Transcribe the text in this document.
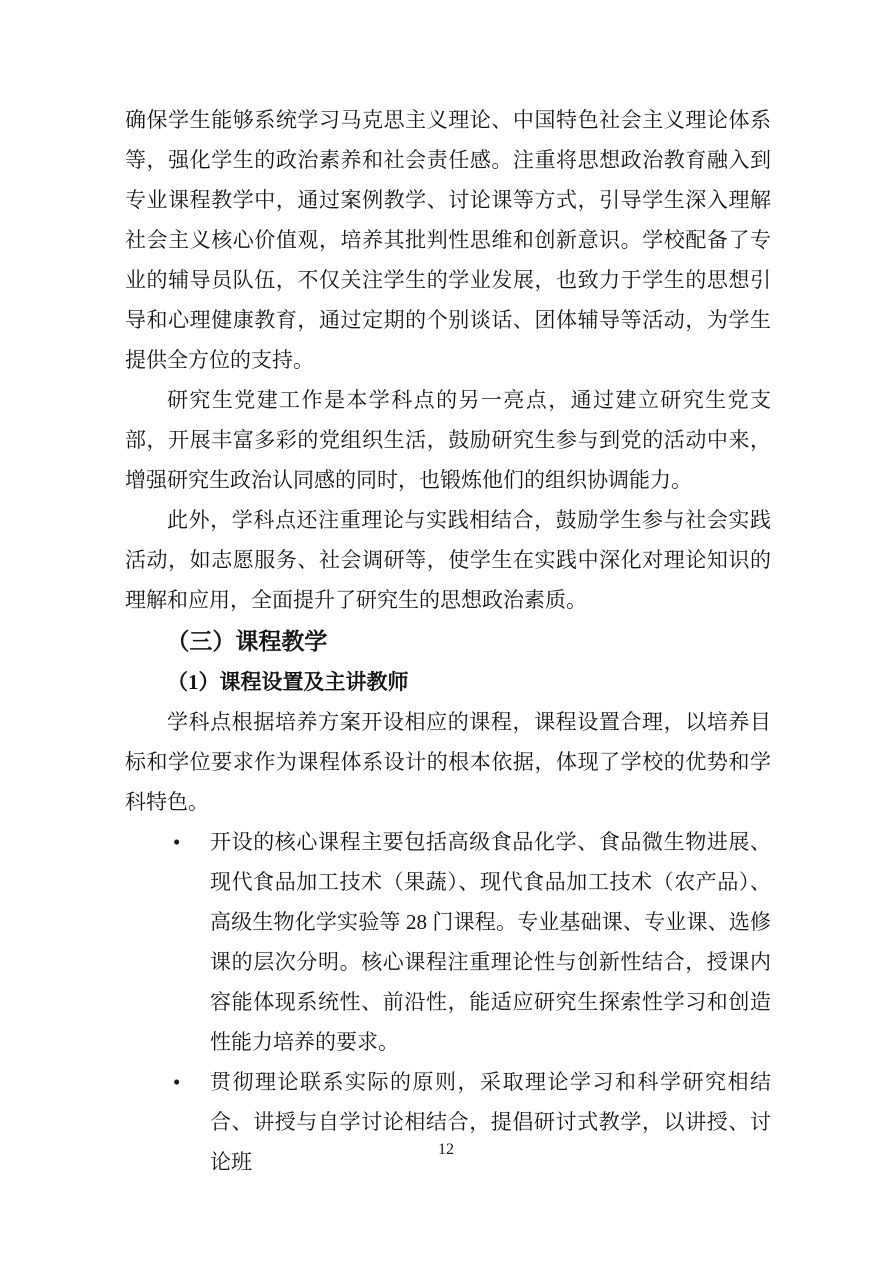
确保学生能够系统学习马克思主义理论、中国特色社会主义理论体系等，强化学生的政治素养和社会责任感。注重将思想政治教育融入到专业课程教学中，通过案例教学、讨论课等方式，引导学生深入理解社会主义核心价值观，培养其批判性思维和创新意识。学校配备了专业的辅导员队伍，不仅关注学生的学业发展，也致力于学生的思想引导和心理健康教育，通过定期的个别谈话、团体辅导等活动，为学生提供全方位的支持。

研究生党建工作是本学科点的另一亮点，通过建立研究生党支部，开展丰富多彩的党组织生活，鼓励研究生参与到党的活动中来，增强研究生政治认同感的同时，也锻炼他们的组织协调能力。

此外，学科点还注重理论与实践相结合，鼓励学生参与社会实践活动，如志愿服务、社会调研等，使学生在实践中深化对理论知识的理解和应用，全面提升了研究生的思想政治素质。

（三）课程教学
（1）课程设置及主讲教师

学科点根据培养方案开设相应的课程，课程设置合理，以培养目标和学位要求作为课程体系设计的根本依据，体现了学校的优势和学科特色。

• 开设的核心课程主要包括高级食品化学、食品微生物进展、现代食品加工技术（果蔬）、现代食品加工技术（农产品）、高级生物化学实验等 28 门课程。专业基础课、专业课、选修课的层次分明。核心课程注重理论性与创新性结合，授课内容能体现系统性、前沿性，能适应研究生探索性学习和创造性能力培养的要求。
• 贯彻理论联系实际的原则，采取理论学习和科学研究相结合、讲授与自学讨论相结合，提倡研讨式教学，以讲授、讨论班
12
